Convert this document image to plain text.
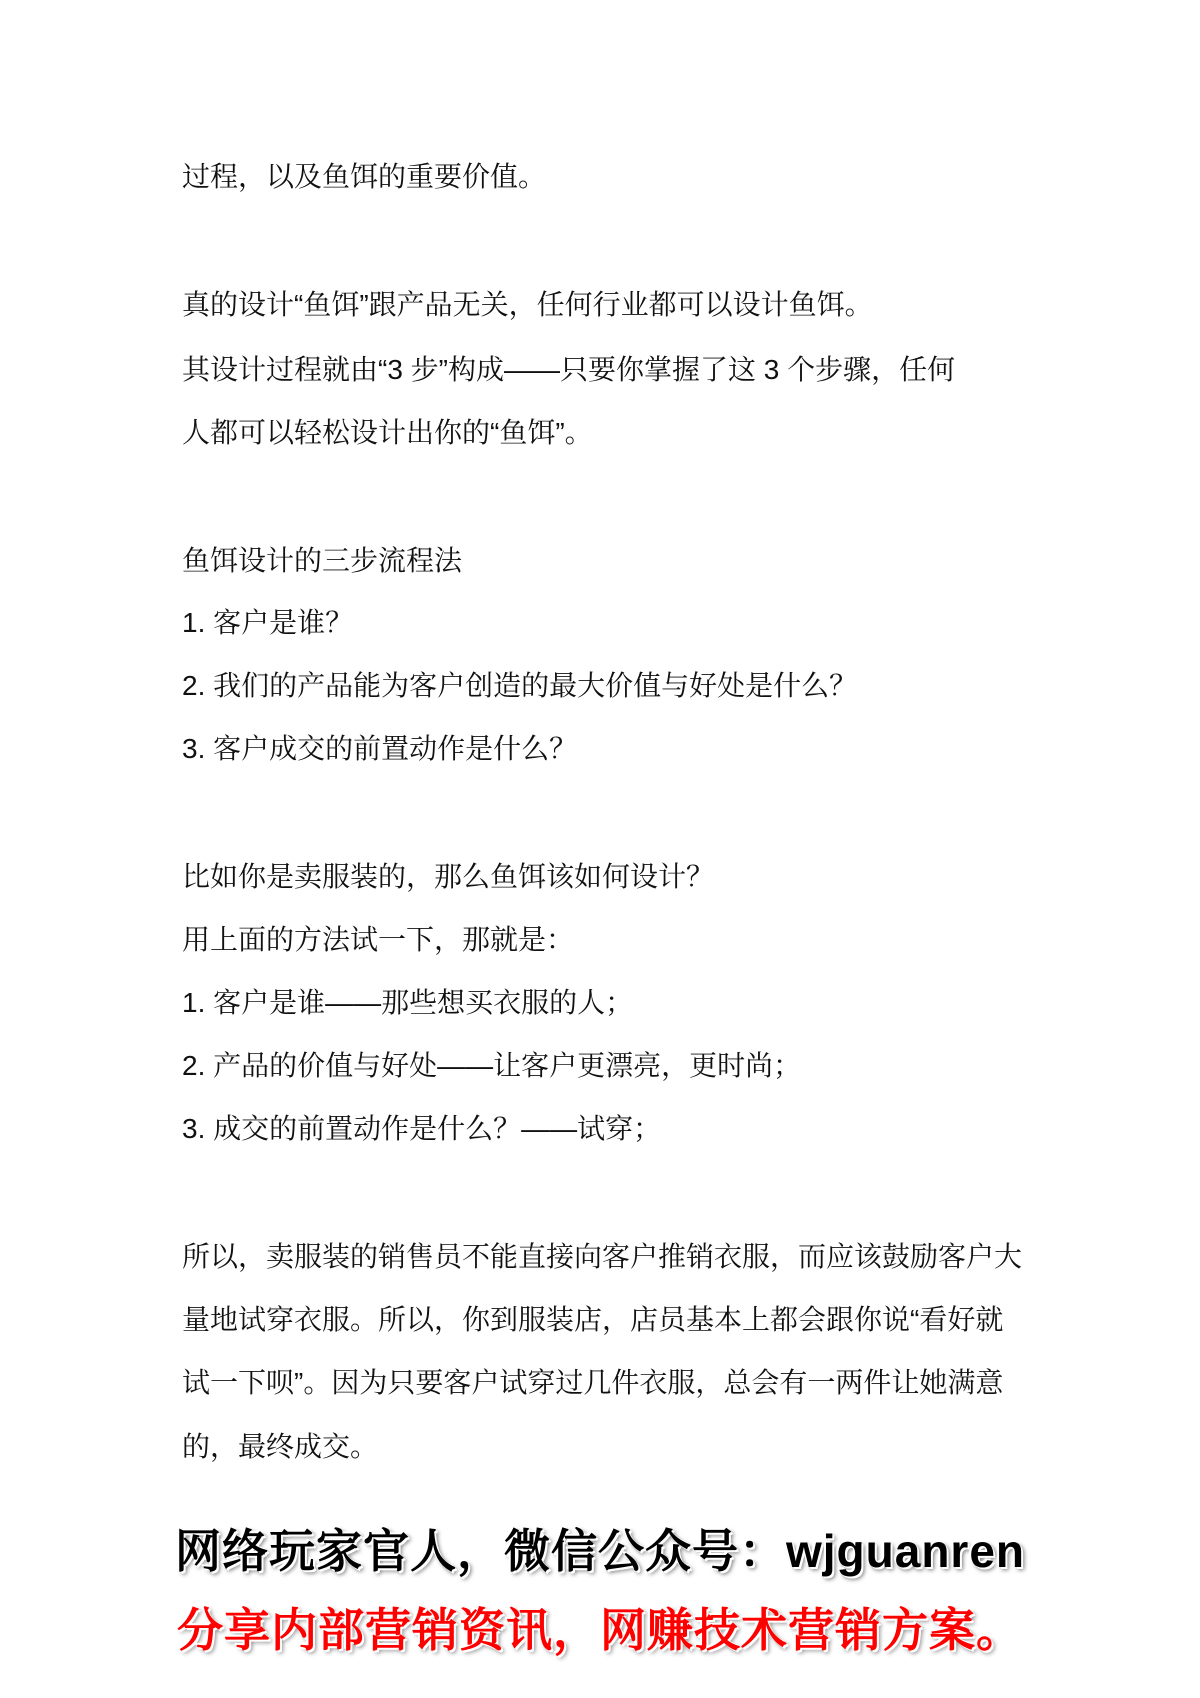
过程，以及鱼饵的重要价值。
真的设计“鱼饵”跟产品无关，任何行业都可以设计鱼饵。
其设计过程就由“3 步”构成——只要你掌握了这 3 个步骤，任何
人都可以轻松设计出你的“鱼饵”。
鱼饵设计的三步流程法
1. 客户是谁？
2. 我们的产品能为客户创造的最大价值与好处是什么？
3. 客户成交的前置动作是什么？
比如你是卖服装的，那么鱼饵该如何设计？
用上面的方法试一下，那就是：
1. 客户是谁——那些想买衣服的人；
2. 产品的价值与好处——让客户更漂亮，更时尚；
3. 成交的前置动作是什么？——试穿；
所以，卖服装的销售员不能直接向客户推销衣服，而应该鼓励客户大
量地试穿衣服。所以，你到服装店，店员基本上都会跟你说“看好就
试一下呗”。因为只要客户试穿过几件衣服，总会有一两件让她满意
的，最终成交。
网络玩家官人，微信公众号：wjguanren
分享内部营销资讯，网赚技术营销方案。
